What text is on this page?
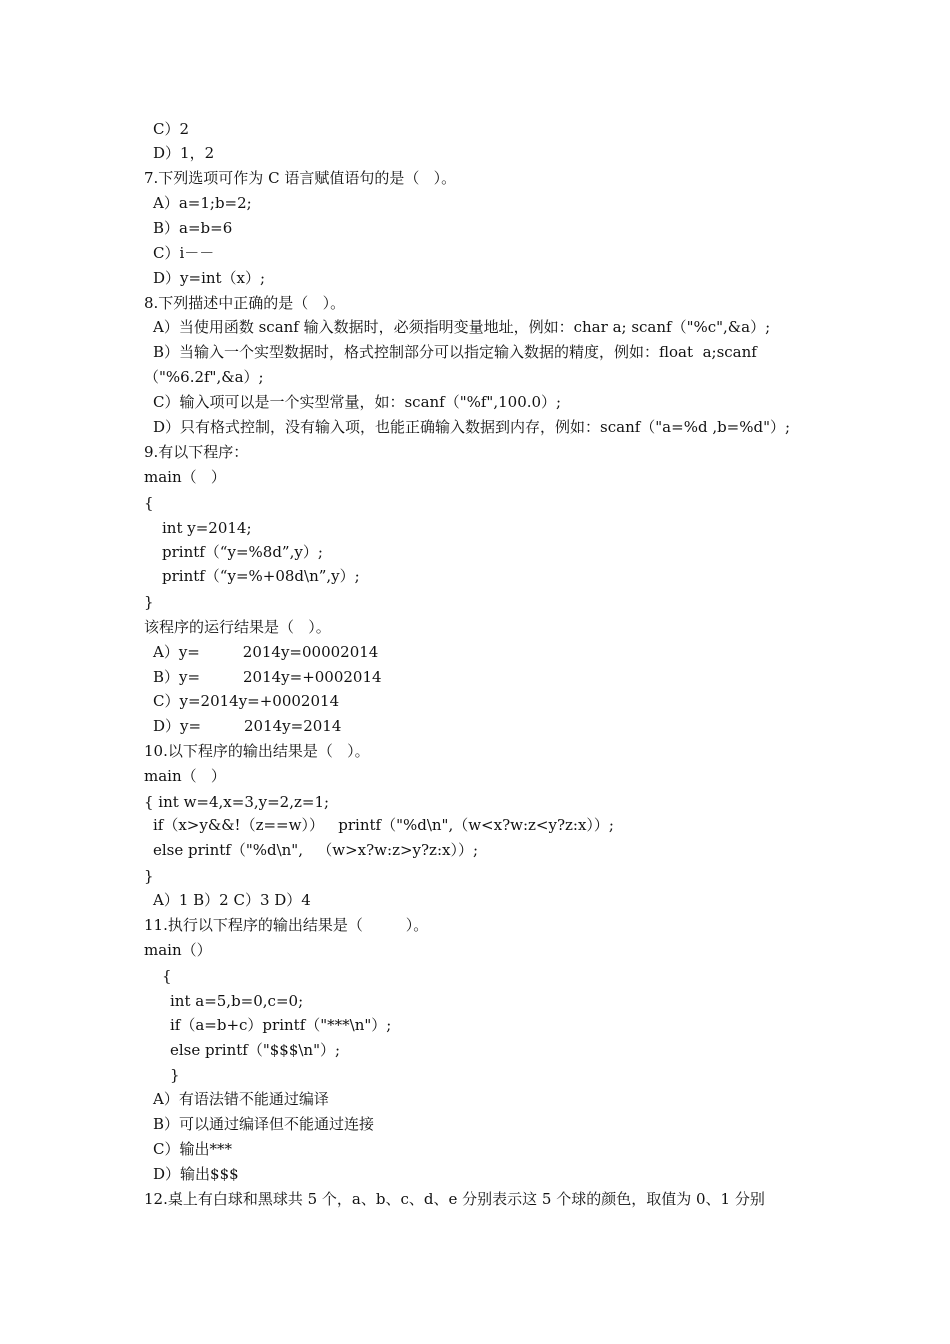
C）2
D）1，2
7.下列选项可作为 C 语言赋值语句的是（   ）。
A）a=1;b=2;
B）a=b=6
C）i－－
D）y=int（x）;
8.下列描述中正确的是（   ）。
A）当使用函数 scanf 输入数据时，必须指明变量地址，例如：char a; scanf（"%c",&a）;
B）当输入一个实型数据时，格式控制部分可以指定输入数据的精度，例如：float  a;scanf
（"%6.2f",&a）;
C）输入项可以是一个实型常量，如：scanf（"%f",100.0）;
D）只有格式控制，没有输入项，也能正确输入数据到内存，例如：scanf（"a=%d ,b=%d"）;
9.有以下程序：
main（   ）
{
int y=2014;
printf（“y=%8d”,y）;
printf（“y=%+08d\n”,y）;
}
该程序的运行结果是（   ）。
A）y=         2014y=00002014
B）y=         2014y=+0002014
C）y=2014y=+0002014
D）y=         2014y=2014
10.以下程序的输出结果是（   ）。
main（   ）
{ int w=4,x=3,y=2,z=1;
if（x>y&&!（z==w））   printf（"%d\n",（w<x?w:z<y?z:x））;
else printf（"%d\n",   （w>x?w:z>y?z:x））;
}
A）1 B）2 C）3 D）4
11.执行以下程序的输出结果是（         ）。
main（）
{
int a=5,b=0,c=0;
if（a=b+c）printf（"***\n"）;
else printf（"$$$\n"）;
}
A）有语法错不能通过编译
B）可以通过编译但不能通过连接
C）输出***
D）输出$$$
12.桌上有白球和黑球共 5 个，a、b、c、d、e 分别表示这 5 个球的颜色，取值为 0、1 分别
